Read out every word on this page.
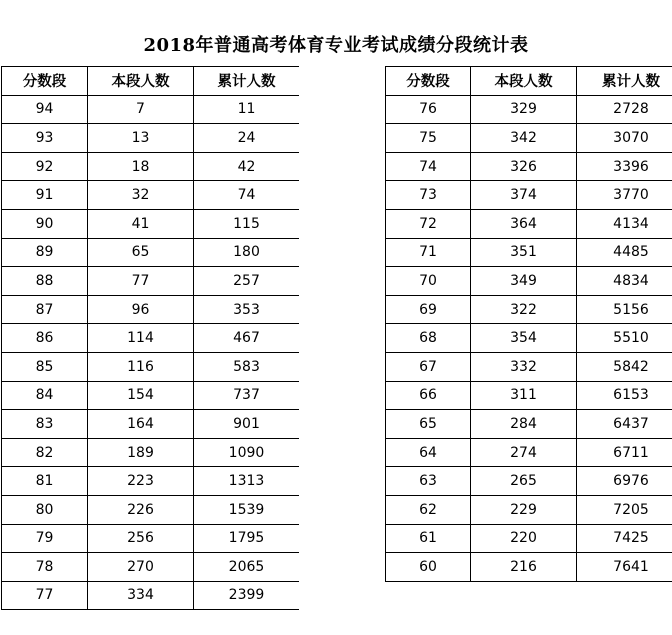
2018年普通高考体育专业考试成绩分段统计表
分数段	本段人数	累计人数
94	7	11
93	13	24
92	18	42
91	32	74
90	41	115
89	65	180
88	77	257
87	96	353
86	114	467
85	116	583
84	154	737
83	164	901
82	189	1090
81	223	1313
80	226	1539
79	256	1795
78	270	2065
77	334	2399
分数段	本段人数	累计人数
76	329	2728
75	342	3070
74	326	3396
73	374	3770
72	364	4134
71	351	4485
70	349	4834
69	322	5156
68	354	5510
67	332	5842
66	311	6153
65	284	6437
64	274	6711
63	265	6976
62	229	7205
61	220	7425
60	216	7641
